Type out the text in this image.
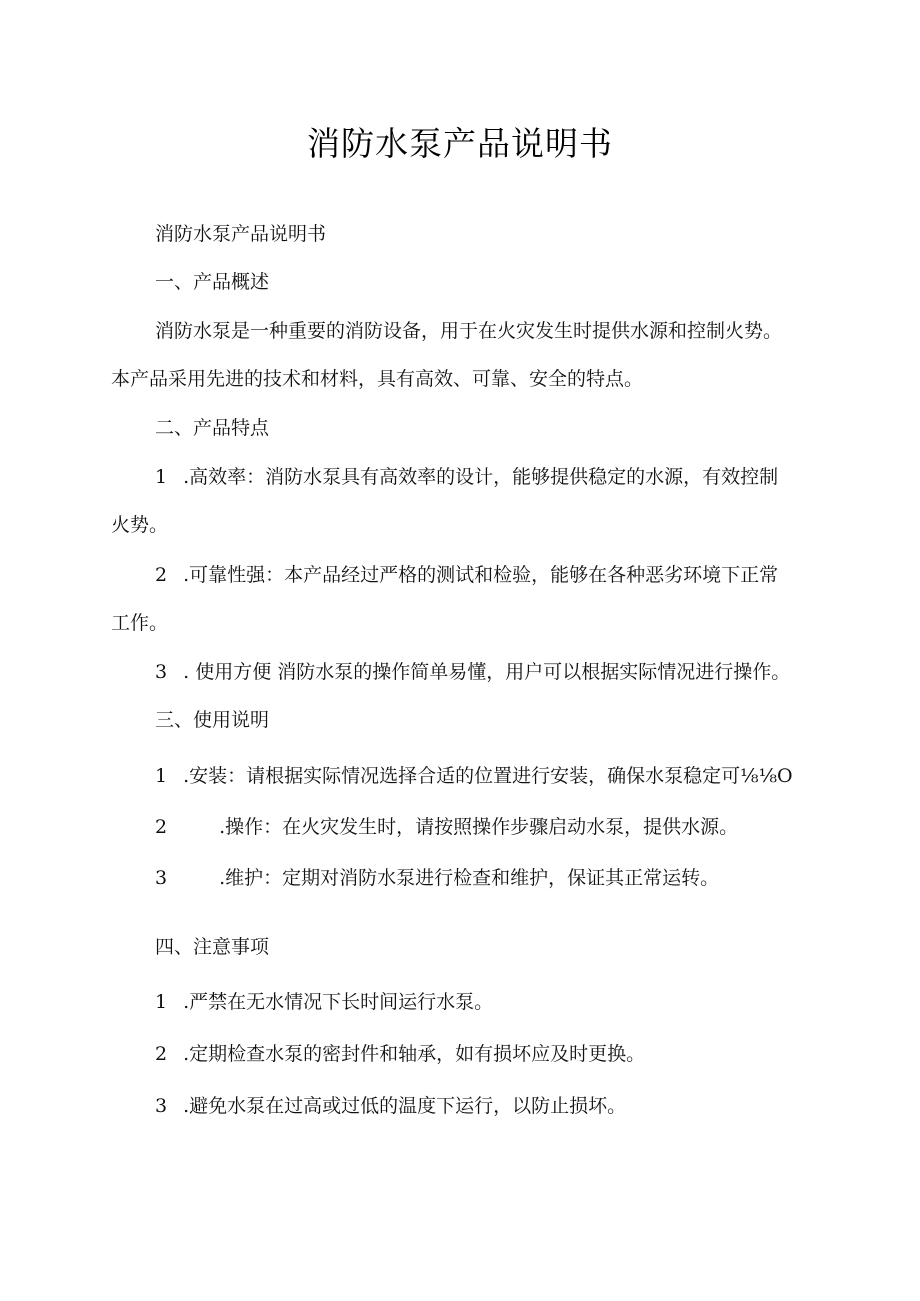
消防水泵产品说明书
消防水泵产品说明书
一、产品概述
消防水泵是一种重要的消防设备，用于在火灾发生时提供水源和控制火势。
本产品采用先进的技术和材料，具有高效、可靠、安全的特点。
二、产品特点
1 .高效率：消防水泵具有高效率的设计，能够提供稳定的水源，有效控制
火势。
2 .可靠性强：本产品经过严格的测试和检验，能够在各种恶劣环境下正常
工作。
3 . 使用方便 消防水泵的操作简单易懂，用户可以根据实际情况进行操作。
三、使用说明
1 .安装：请根据实际情况选择合适的位置进行安装，确保水泵稳定可⅛⅛O
2	.操作：在火灾发生时，请按照操作步骤启动水泵，提供水源。
3	.维护：定期对消防水泵进行检查和维护，保证其正常运转。
四、注意事项
1 .严禁在无水情况下长时间运行水泵。
2 .定期检查水泵的密封件和轴承，如有损坏应及时更换。
3 .避免水泵在过高或过低的温度下运行，以防止损坏。
